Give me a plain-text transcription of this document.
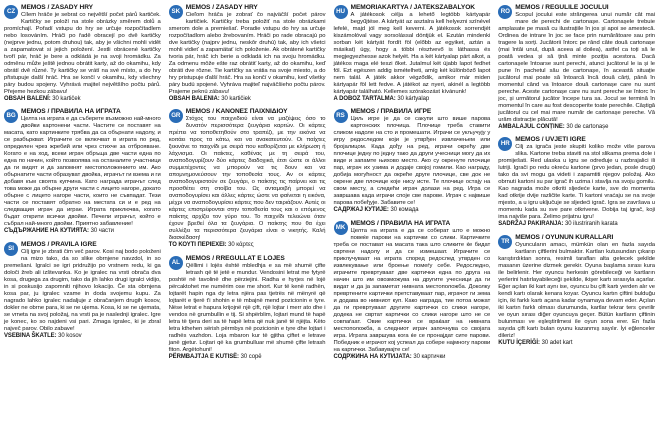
CZ
MEMOS / ZÁSADY HRY

Cílem hráče je sebrat co největší počet párů kartiček. Kartičky se položí na stole obrázky směrem dolů a promíchají. Pořadí vstupu do hry se určuje rozpočítadlem nebo losováním. Hráči po řadě obracejí po dvě kartičky (nejprve jednu, potom druhou) tak, aby je všichni mohli vidět a zapamatovat si jejich položení. Jestli obrácené kartičky tvoří pár, hráč je bere a odkládá je na svoji hromádku. Za odměnu může ještě jednou obrátit karty, až do okamihu, kdy obrátí dvě různé. Ty kartičky se vrátí na své místo, a do hry přistupuje další hráč. Hra se končí v okamihu, kdy všechny páry budou spojeny. Vyhrává majitel největšího počtu párů. Přejeme hezkou zábavu!

OBSAH BALENÍ: 30 kartiček

BG
MEMOS / ПРАВИЛА НА ИГРАТА

Целта на играта е да съберете възможно най-много двойки картонени части. Частите се поставят на масата, като картинките трябва да са обърнати надолу, и се разбъркват. Играчите се включват в играта по ред, определен чрез жребий или чрез стихче за отброяване. Когато е на ход, всеки играч обръща две части една по една по начин, който позволява на останалите участници да ги видят и да запомнят местоположението им. Ако обърнатите части образуват двойка, играчът ги взема и ги добавя към своята купчина. Като награда играчът след това може да обърне други части с лицето нагоре, докато обърне с лицето нагоре части, които не съвпадат. Тези части се поставят обратно на местата си и е ред на следващия играч да играе. Играта приключва, когато бъдат открити всички двойки. Печели играчът, който е събрал най-много двойки. Приятно забавление!

СЪДЪРЖАНИЕ НА КУТИЯТА: 30 части

SI
MEMOS / PRAVILA IGRE

Cilj igre je zbrati čim več parov. Kosi naj bodo položeni na mizo tako, da so slike obrnjene navzdol, in so premešani. Igralci se igri pridružijo po vrstnem redu, ki ga določi žreb ali izštevanka. Ko je igralec na vrsti obrača dva kosa, drugega za drugim, tako da jih lahko drugi igralci vidijo, in si poskusijo zapomniti njihovo lokacijo. Če sta obrnjena kosa par, ju igralec vzame in doda svojemu kupu. Za nagrado lahko igralec nadaljuje z obračanjem drugih kosov, dokler ne obrne para, ki se ne ujema. Kosa, ki se ne ujemata, se vrneta na svoj položaj, na vrsti pa je naslednji igralec. Igre je konec, ko so najdeni vsi pari. Zmaga igralec, ki je zbral največ parov. Obilo zabave!

VSEBINA ŠKATLE: 30 kosov

SK
MEMOS / ZÁSADY HRY

Cieľom hráča je zobrať čo najväčší počet párov kartičiek. Kartičky treba položiť na stole obrázkami smerom dole a premiešať. Poradie vstupu do hry sa určuje rozpočítadlom alebo žrebovaním. Hráči po rade obracajú po dve kartičky (najprv jednu, neskôr druhú) tak, aby ich všetci mohli vidieť a zapamätať ich položenie. Ak obrátené kartičky tvoria pár, hráč ich berie a odkladá ich na svoju hromádku. Za odmenu môže ešte raz obrátiť karty, až do okamihu, keď obráti dve rôzne. Tie kartičky sa vrátia na svoje miesto, a do hry pristupuje ďalší hráč. Hra sa končí v okamihu, keď všetky páry budú spojené. Vyhráva majiteľ najväčšieho počtu párov. Prajeme peknú zábavu!

OBSAH BALENIA: 30 kartičiek

GR
MEMOS / ΚΑΝΟΝΕΣ ΠΑΙΧΝΙΔΙΟΥ

Στόχος του παιχνιδιού είναι να μαζέψεις όσο το δυνατόν περισσότερα ζευγάρια καρτών. Οι κάρτες πρέπει να τοποθετηθούν στο τραπέζι, με την εικόνα να κοιτάει προς τα κάτω, και να ανακατευτούν. Οι παίχτες ξεκινάνε το παιχνίδι με σειρά που καθορίζεται με κλήρωση ή λάχνισμα. Οι παίκτες, καθένας με τη σειρά του, αναποδογυρίζουν δύο κάρτες διαδοχικά, έτσι ώστε οι άλλοι συμμετέχοντες να μπορούν να τις δουν και να απομνημονεύσουν την τοποθεσία τους. Αν οι κάρτες αναποδογυριστούν σε ζευγάρι, ο παίκτης τις παίρνει και τις προσθέτει στη στοίβα του. Ως ανταμοιβή μπορεί να αναποδογυρίσει και άλλες κάρτες ώστε να φαίνεται η εικόνα, μέχρι να αναποδογυρίσει κάρτες που δεν ταιριάζουν. Αυτές οι κάρτες επιστρέφονται στην τοποθεσία τους και ο επόμενος παίκτης αρχίζει τον γύρο του. Το παιχνίδι τελειώνει όταν έχουν βρεθεί όλα τα ζευγάρια. Ο παίκτης που θα έχει συλλέξει τα περισσότερα ζευγάρια είναι ο νικητής. Καλή διασκέδαση!

ΤΟ ΚΟΥΤΙ ΠΕΡΙΕΧΕΙ: 30 κάρτες

AL
MEMOS / RREGULLAT E LOJËS

Qëllimi i lojës është mbledhja e sa më shumë çifte letrash që të jetë e mundur. Vendosini letrat me fytyrë poshtë në tavolinë dhe përziejini. Radha e hyrjes në lojë përcaktohet me numërim ose me short. Kur të kenë radhën, lojtarët hapin nga dy letra njëra pas tjetrës në mënyrë që lojtarët e tjerë t'i shohin e të mbajnë mend pozicionin e tyre. Nëse letrat e hapura krijojnë një çift, një lojtar i merr ato dhe i vendos në grumbullin e tij. Si shpërblim, lojtari mund të hapë letra të tjera deri sa të hapë letra që nuk janë të njëjta. Këto letra kthehen sërish përmbys në pozicionin e tyre dhe lojtari i radhës vazhdon. Loja mbaron kur të gjitha çiftet e letrave janë gjetur. Lojtari që ka grumbulluar më shumë çifte letrash fiton. Argëtohuni!

PËRMBAJTJA E KUTISË: 30 copë

HU
MEMÓRIAKÁRTYA / JÁTÉKSZABÁLYOK

A játékosok célja a lehető legtöbb kártyapár begyűjtése. A kártyát az asztalra kell helyezni színével lefelé, majd jól meg kell keverni. A játékosok sorrendjét kiszámolóval vagy sorsolással döntjük el. Ezután mindenki sorban két kártyát fordít föl (előbb az egyiket, aztán a másikat) úgy, hogy a többi résztvevő is láthassa és megjegyezhesse azok helyét. Ha a két kártyalap párt alkot, a játékos maga elé teszi őket. Jutalmul két újabb lapot fedhet föl. Ezt egészen addig ismételheti, amíg két különböző lapot nem talál. A játék akkor végződik, amikor már miden kártyapár föl lett fedve. A játékot az nyeri, akinél a legtöbb kártyapár található. Kellemes szórakozást kívánunk!

A DOBOZ TARTALMA: 30 kártyalap

RS
MEMOS / ПРАВИЛА ИГРЕ

Циљ игре је да се сакупи што више парова картонских плочица. Плочице треба ставити сликом надоле на сто и промешати. Играчи се укључују у игру редоследом који је утврђен извлачењем или бројалицом. Када дођу на ред, играчи окрећу две плочице једну по једну тако да други учесници могу да их виде и запамте њихово место. Ако су окренуте плочице пар, играч их узима и додаје својој гомили. Као награду, добија могућност да окреће друге плочице, све док не окрене две плочице које нису исте. Те плочице остају на свом месту, а следећи играч долази на ред. Игра се завршава када играчи споје све парове. Играч с највише парова побеђује. Забавите се!

САДРЖАЈ КУТИЈЕ: 30 комада

MK
MEMOS / ПРАВИЛА НА ИГРАТА

Целта на играта е да се соберат што е можно повеќе парови на картички со слики. Картичките треба се постават на масата така што сликите ќе бидат свртени надолу и да се измешаат. Играчите се приклучуваат на играта според редослед утврден со извлекување или броење помеѓу себе. Редоследно, играчите превртуваат две картички една по друга на начин што им овозможува на другите учесници да ги видат и да ја запаметат нивната местоположба. Доколку превртените картички претставуваат пар, играчот ги зема и додава во нивниот куп. Како награда, тие потоа можат да ги превртуваат другите картички со слики нагоре, додека не свртат картички со слики нагоре што не се совпаѓаат. Овие картички се враќаат на нивната местоположба, а следниот играч започнува со својата игра. Играта завршува кога ќе се пронајдат сите парови. Победник е играчот кој успеал да собере најмногу парови на картички. Забавувајте се!

СОДРЖИНА НА КУТИЈАТА: 30 картички

RO
MEMOS / REGULILE JOCULUI

Scopul jocului este strângerea unui număr cât mai mare de perechi de cartonașe. Cartonașele trebuie amplasate pe masă cu ilustrațiile în jos și apoi se amestecă. Ordinea de intrare în joc se face prin numărătoare sau prin tragere la sorți. Jucătorii întorc pe rând câte două cartonașe (mai întâi unul, după aceea al doilea), astfel ca toți să le poată vedea și să țină minte poziția acestora. Dacă cartonașele întoarse sunt perechi, atunci jucătorul le ia și le pune în pachetul său de cartonașe, în această situație jucătorul mai poate să întoarcă încă două cărți, până în momentul când va întoarce două cartonașe care nu sunt pereche. Aceste cartonașe care nu sunt pereche se întorc în joc, și următorul jucător începe tura sa. Jocul se termină în momentul în care au fost descoperite toate perechile. Câștigă jucătorul cu cel mai mare număr de cartonașe pereche. Vă urăm distracție plăcută!

AMBALAJUL CONȚINE: 30 de cartonașe

HR
MEMOS / UVJETI IGRE

Cilj za igrača jeste skupiti koliko može više parova slika. Kartone treba staviti na stol slikama prema dole i promiješati. Red ulaska u igru se određuje u razbrajalici ili lutriji. Igrači po redu okreću kartone (prvo jedan, posle drugi) tako da svi mogu ga videti i zapamtiti njegov položaj. Ako obrnuti kartoni su par igrač ih uzima i stavlja na svoju gomilu. Kao nagrada može otkriti sljedeće karte, sve do momenta kad otkrije dvije različite karte. Ti kartoni vraćaju se na svoje mjesto, a u igru uključuje se sljedeći igrač. Igra se završava u momentu kada su sve pare otkrivene. Dobija taj igrač, koji ima najviše para. Želimo prijatnu igru!

SADRŽAJ PAKIRANJA: 30 ilustriranih karata

TR
MEMOS / OYUNUN KURALLARI

Oyuncuların amacı, mümkün olan en fazla sayıda kartların çiftlerini bulmaktır. Kartları kutusundan çıkarıp karıştırdıktan sonra, resimli tarafları alta gelecek şekilde masanın üzerine dizmek gerekir. Oyuna başlama sırası kura ile belirlenir. Her oyuncu herkesin görebileceği ve kartların yerlerini hatırlayabileceği şekilde, ikişer kartı sırasıyla açarlar. Eğer açılan iki kart aynı ise, oyuncu bu çift kartı yerden alır ve kendi kartı olarak kenara koyar. Oyuncu kartın çiftini bulduğu için, iki farklı kartı açana kadar oynamaya devam eder. Açılan iki kartın farklı olması durumunda, kartlar tekrar ters çevrilir ve oyun sırası diğer oyuncuya geçer. Bütün kartların çiftinin bulunması ve eşleştirilmesi ile oyun sona erer. En fazla sayıda çift kartı bulan oyunu kazanmış sayılır. İyi eğlenceler dileriz!

KUTU İÇERİĞİ: 30 adet kart
